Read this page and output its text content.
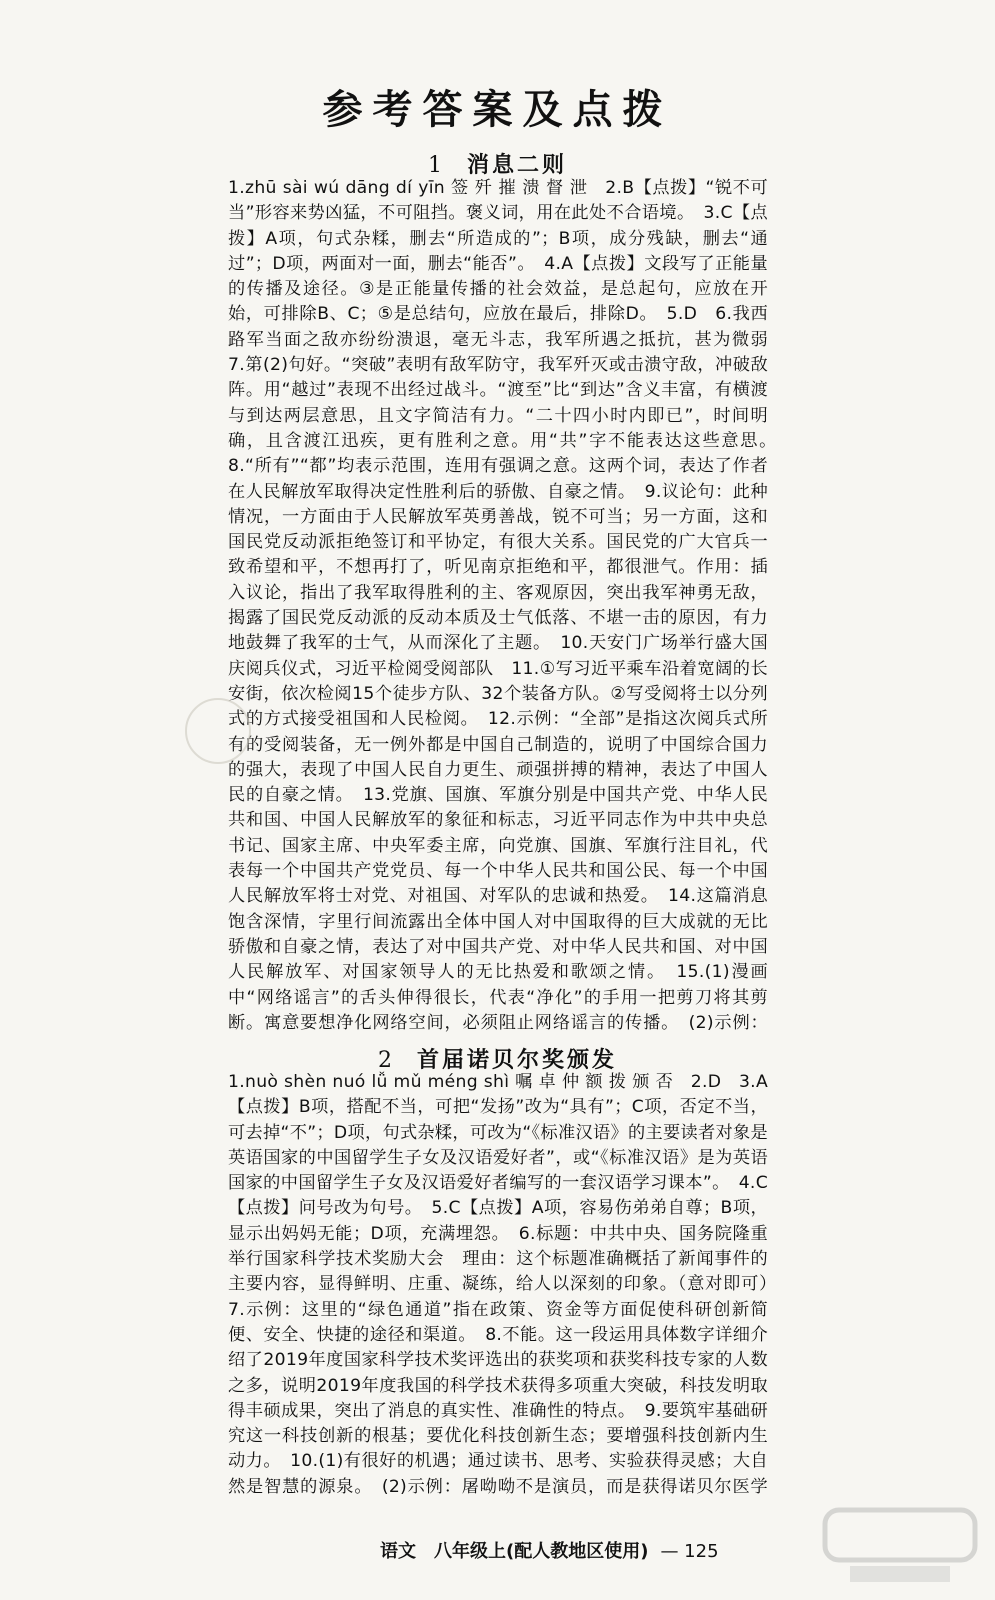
参考答案及点拨
1 消息二则

1.zhū sài wú dāng dí yīn 签 歼 摧 溃 督 泄　2.B【点拨】“锐不可当”形容来势凶猛，不可阻挡。褒义词，用在此处不合语境。　3.C【点拨】A项，句式杂糅，删去“所造成的”；B项，成分残缺，删去“通过”；D项，两面对一面，删去“能否”。　4.A【点拨】文段写了正能量的传播及途径。③是正能量传播的社会效益，是总起句，应放在开始，可排除B、C；⑤是总结句，应放在最后，排除D。　5.D　6.我西路军当面之敌亦纷纷溃退，毫无斗志，我军所遇之抵抗，甚为微弱　7.第(2)句好。“突破”表明有敌军防守，我军歼灭或击溃守敌，冲破敌阵。用“越过”表现不出经过战斗。“渡至”比“到达”含义丰富，有横渡与到达两层意思，且文字简洁有力。“二十四小时内即已”，时间明确，且含渡江迅疾，更有胜利之意。用“共”字不能表达这些意思。　8.“所有”“都”均表示范围，连用有强调之意。这两个词，表达了作者在人民解放军取得决定性胜利后的骄傲、自豪之情。　9.议论句：此种情况，一方面由于人民解放军英勇善战，锐不可当；另一方面，这和国民党反动派拒绝签订和平协定，有很大关系。国民党的广大官兵一致希望和平，不想再打了，听见南京拒绝和平，都很泄气。作用：插入议论，指出了我军取得胜利的主、客观原因，突出我军神勇无敌，揭露了国民党反动派的反动本质及士气低落、不堪一击的原因，有力地鼓舞了我军的士气，从而深化了主题。　10.天安门广场举行盛大国庆阅兵仪式，习近平检阅受阅部队　11.①写习近平乘车沿着宽阔的长安街，依次检阅15个徒步方队、32个装备方队。②写受阅将士以分列式的方式接受祖国和人民检阅。　12.示例：“全部”是指这次阅兵式所有的受阅装备，无一例外都是中国自己制造的，说明了中国综合国力的强大，表现了中国人民自力更生、顽强拼搏的精神，表达了中国人民的自豪之情。　13.党旗、国旗、军旗分别是中国共产党、中华人民共和国、中国人民解放军的象征和标志，习近平同志作为中共中央总书记、国家主席、中央军委主席，向党旗、国旗、军旗行注目礼，代表每一个中国共产党党员、每一个中华人民共和国公民、每一个中国人民解放军将士对党、对祖国、对军队的忠诚和热爱。　14.这篇消息饱含深情，字里行间流露出全体中国人对中国取得的巨大成就的无比骄傲和自豪之情，表达了对中国共产党、对中华人民共和国、对中国人民解放军、对国家领导人的无比热爱和歌颂之情。　15.(1)漫画中“网络谣言”的舌头伸得很长，代表“净化”的手用一把剪刀将其剪断。寓意要想净化网络空间，必须阻止网络谣言的传播。　(2)示例：　　

2 首届诺贝尔奖颁发

1.nuò shèn nuó lǚ mǔ méng shì 嘱 卓 仲 额 拨 颁 否　2.D　3.A【点拨】B项，搭配不当，可把“发扬”改为“具有”；C项，否定不当，可去掉“不”；D项，句式杂糅，可改为“《标准汉语》的主要读者对象是英语国家的中国留学生子女及汉语爱好者”，或“《标准汉语》是为英语国家的中国留学生子女及汉语爱好者编写的一套汉语学习课本”。　4.C【点拨】问号改为句号。　5.C【点拨】A项，容易伤弟弟自尊；B项，显示出妈妈无能；D项，充满埋怨。　6.标题：中共中央、国务院隆重举行国家科学技术奖励大会　理由：这个标题准确概括了新闻事件的主要内容，显得鲜明、庄重、凝练，给人以深刻的印象。（意对即可）　7.示例：这里的“绿色通道”指在政策、资金等方面促使科研创新简便、安全、快捷的途径和渠道。　8.不能。这一段运用具体数字详细介绍了2019年度国家科学技术奖评选出的获奖项和获奖科技专家的人数之多，说明2019年度我国的科学技术获得多项重大突破，科技发明取得丰硕成果，突出了消息的真实性、准确性的特点。　9.要筑牢基础研究这一科技创新的根基；要优化科技创新生态；要增强科技创新内生动力。　10.(1)有很好的机遇；通过读书、思考、实验获得灵感；大自然是智慧的源泉。　(2)示例：屠呦呦不是演员，而是获得诺贝尔医学　

语文　八年级上(配人教地区使用) — 125
